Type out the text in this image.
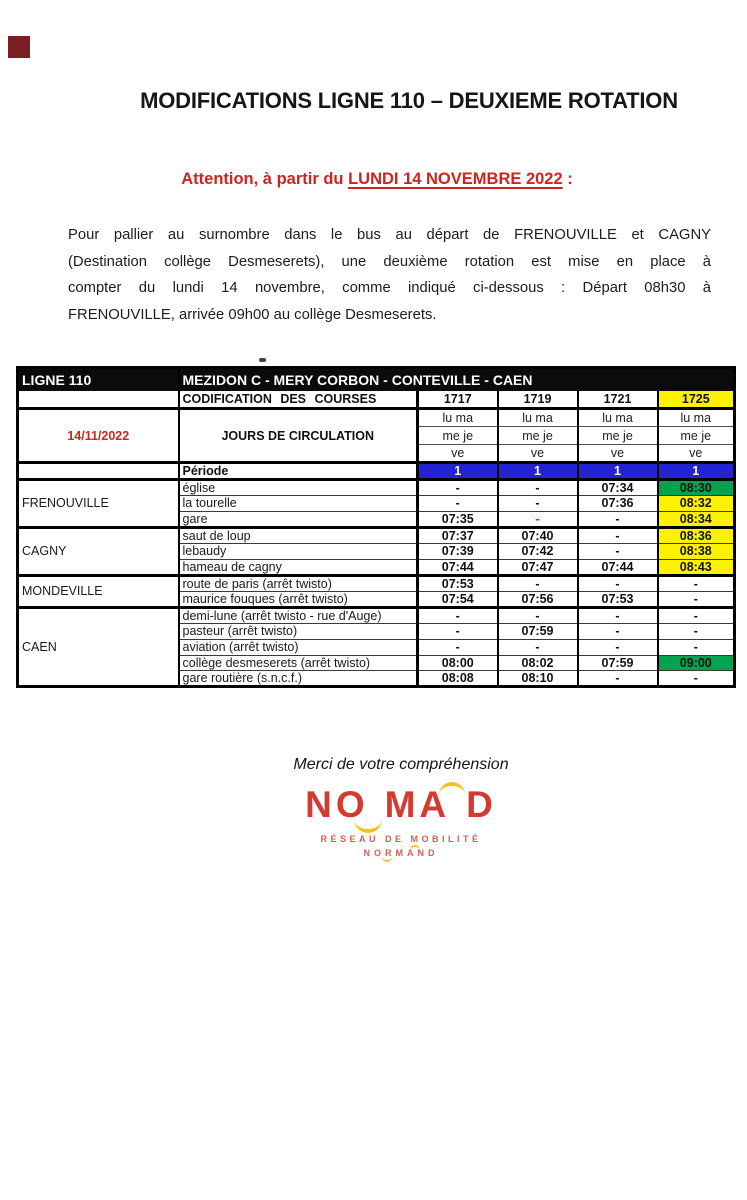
MODIFICATIONS LIGNE 110 – DEUXIEME ROTATION
Attention, à partir du LUNDI 14 NOVEMBRE 2022 :
Pour pallier au surnombre dans le bus au départ de FRENOUVILLE et CAGNY
(Destination collège Desmeserets), une deuxième rotation est mise en place à
compter du lundi 14 novembre, comme indiqué ci-dessous : Départ 08h30 à
FRENOUVILLE, arrivée 09h00 au collège Desmeserets.
LIGNE 110	MEZIDON C - MERY CORBON - CONTEVILLE - CAEN				
	CODIFICATION DES COURSES	1717	1719	1721	1725
14/11/2022	JOURS DE CIRCULATION	lu ma	lu ma	lu ma	lu ma
		me je	me je	me je	me je
		ve	ve	ve	ve
	Période	1	1	1	1
FRENOUVILLE	église	-	-	07:34	08:30
	la tourelle	-	-	07:36	08:32
	gare	07:35	-	-	08:34
CAGNY	saut de loup	07:37	07:40	-	08:36
	lebaudy	07:39	07:42	-	08:38
	hameau de cagny	07:44	07:47	07:44	08:43
MONDEVILLE	route de paris (arrêt twisto)	07:53	-	-	-
	maurice fouques (arrêt twisto)	07:54	07:56	07:53	-
CAEN	demi-lune (arrêt twisto - rue d'Auge)	-	-	-	-
	pasteur (arrêt twisto)	-	07:59	-	-
	aviation (arrêt twisto)	-	-	-	-
	collège desmeserets (arrêt twisto)	08:00	08:02	07:59	09:00
	gare routière (s.n.c.f.)	08:08	08:10	-	-
Merci de votre compréhension
NO MA D
RÉSEAU DE MOBILITÉ
NORMAND
